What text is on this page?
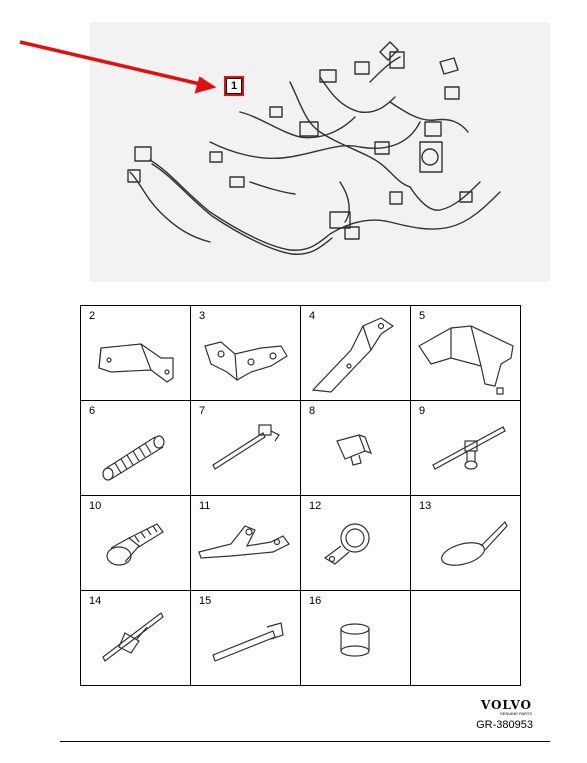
1
2	3	4	5

6	7	8	9

10	11	12	13

14	15	16	

VOLVO
GENUINE PARTS
GR-380953
